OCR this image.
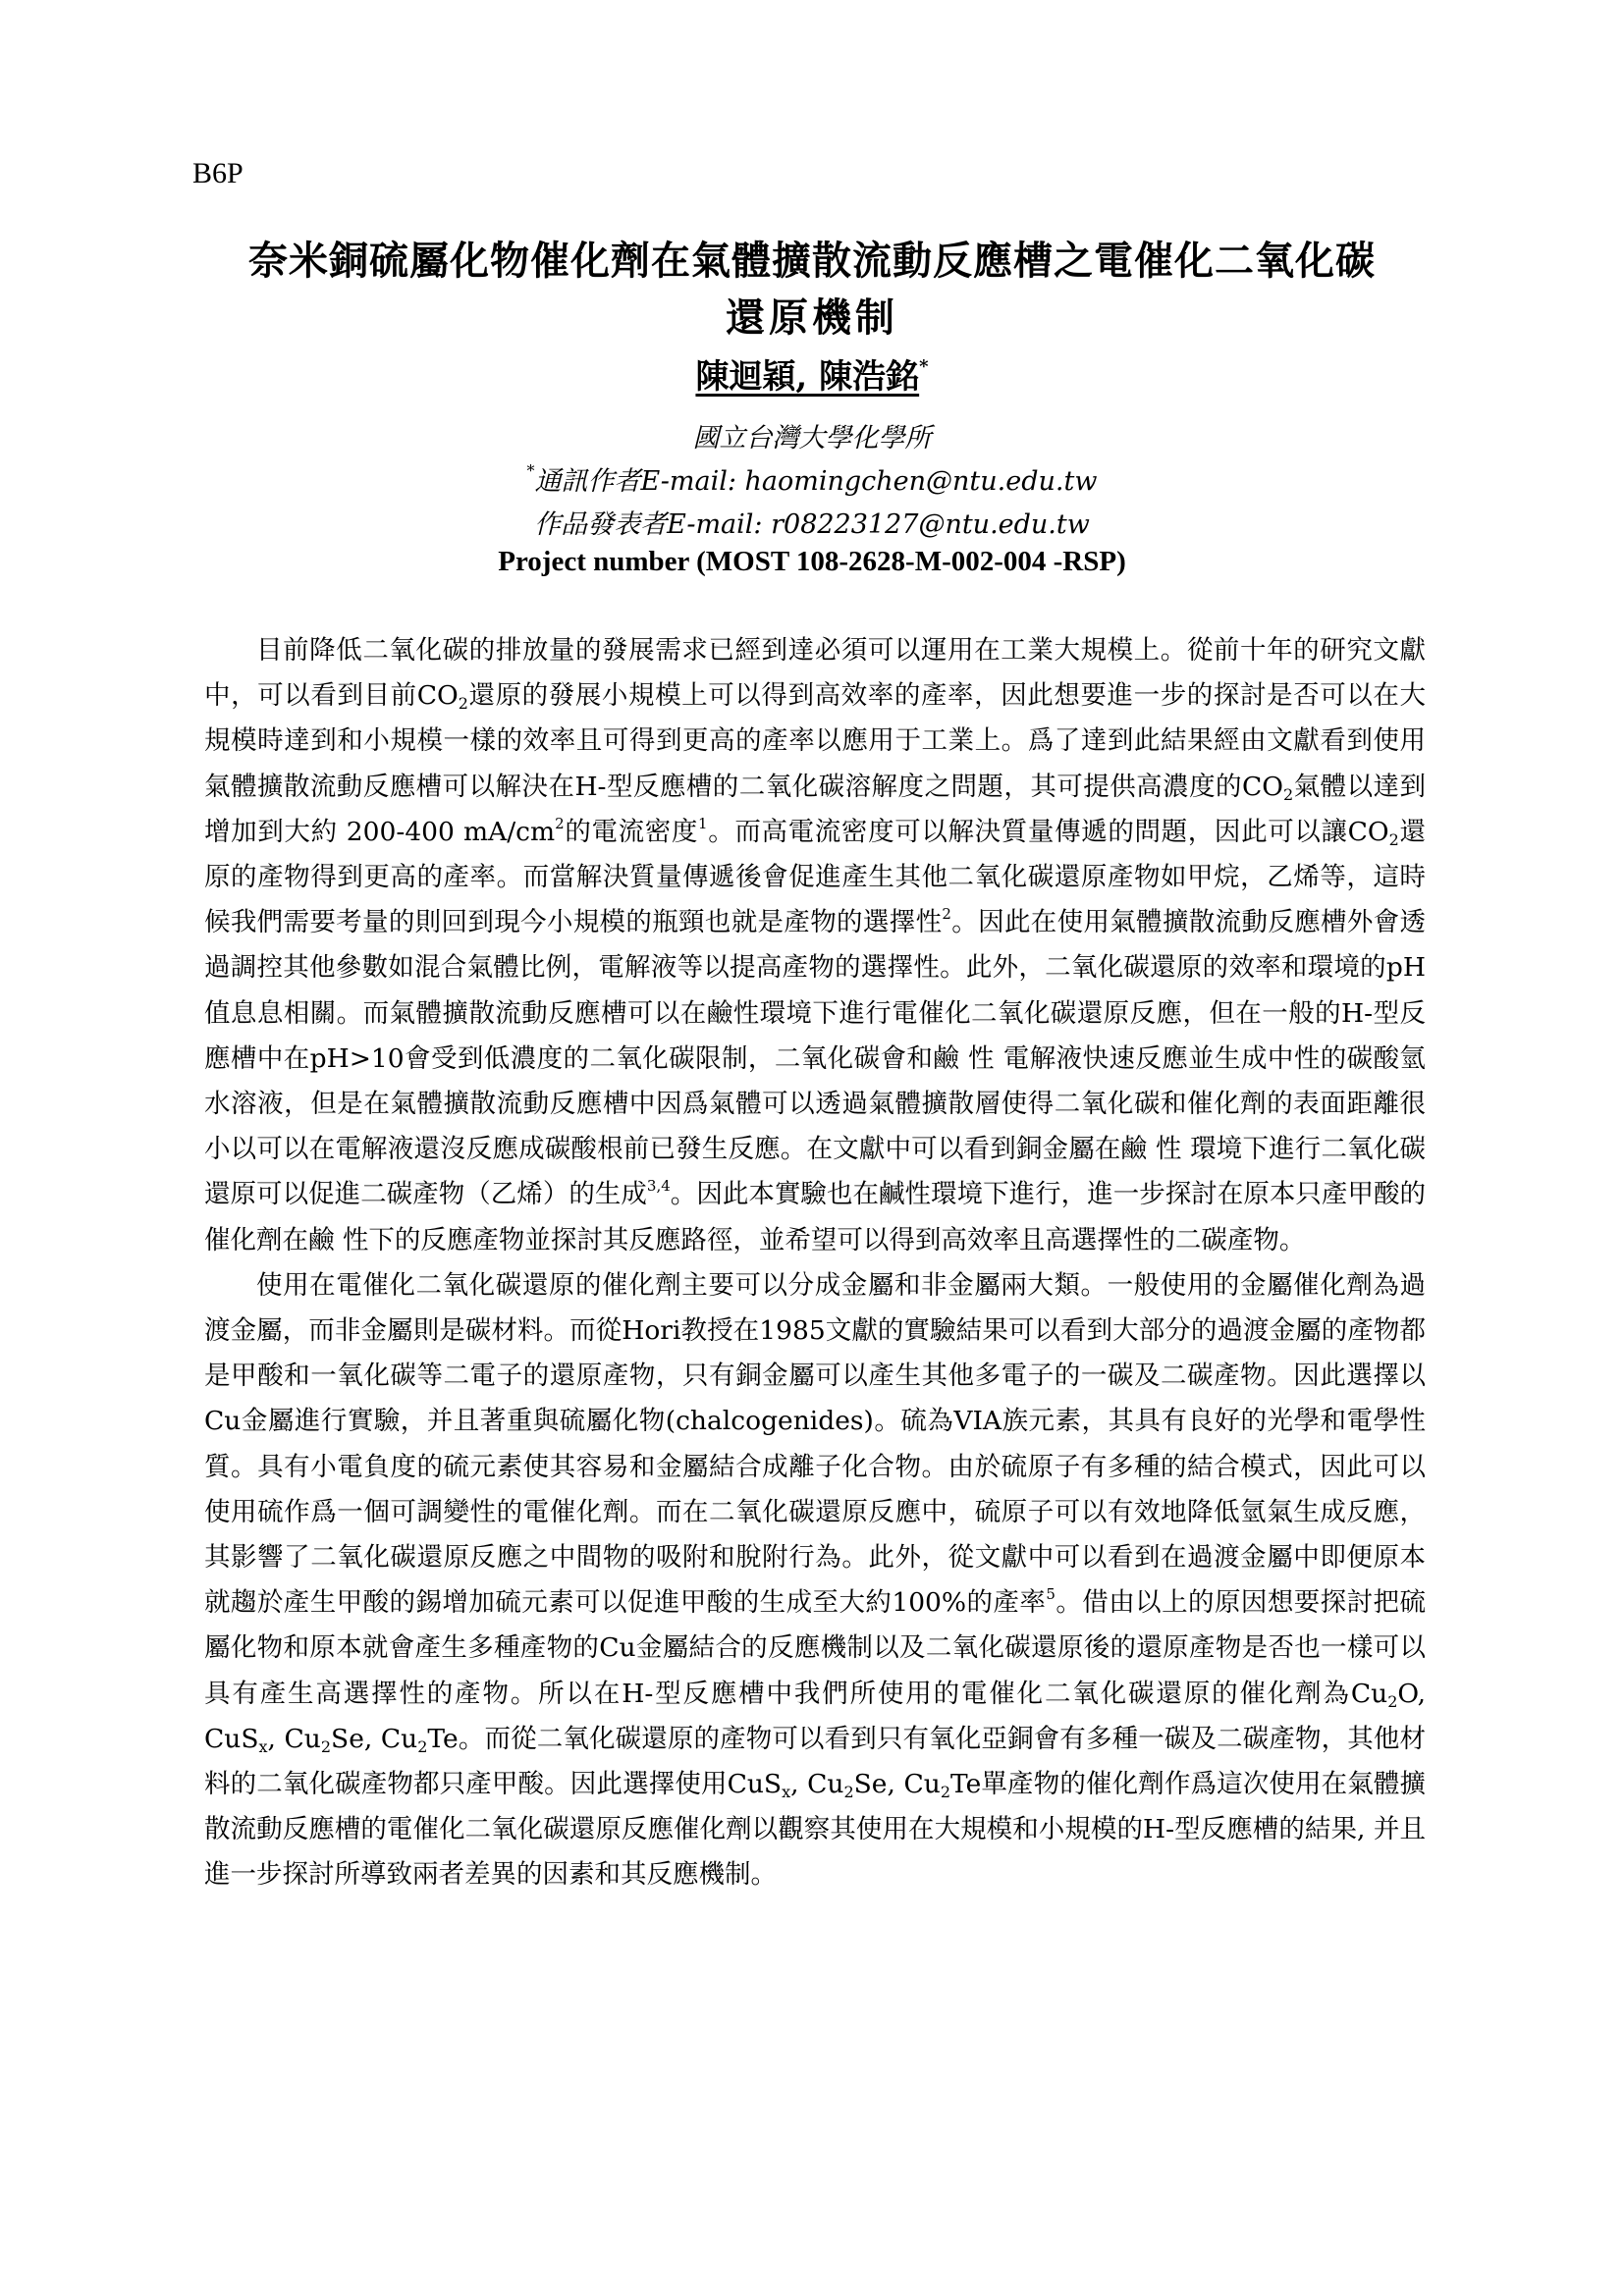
B6P
奈米銅硫屬化物催化劑在氣體擴散流動反應槽之電催化二氧化碳
還原機制
陳迴穎, 陳浩銘*
國立台灣大學化學所
*通訊作者E-mail: haomingchen@ntu.edu.tw
作品發表者E-mail: r08223127@ntu.edu.tw
Project number (MOST 108-2628-M-002-004 -RSP)

目前降低二氧化碳的排放量的發展需求已經到達必須可以運用在工業大規模上。從前十年的研究文獻中，可以看到目前$CO_2$還原的發展小規模上可以得到高效率的產率，因此想要進一步的探討是否可以在大規模時達到和小規模一樣的效率且可得到更高的產率以應用于工業上。爲了達到此結果經由文獻看到使用氣體擴散流動反應槽可以解決在H-型反應槽的二氧化碳溶解度之問題，其可提供高濃度的$CO_2$氣體以達到增加到大約 200-400 $mA/cm^2$的電流密度$^1$。而高電流密度可以解決質量傳遞的問題，因此可以讓$CO_2$還原的產物得到更高的產率。而當解決質量傳遞後會促進產生其他二氧化碳還原產物如甲烷，乙烯等，這時候我們需要考量的則回到現今小規模的瓶頸也就是產物的選擇性$^2$。因此在使用氣體擴散流動反應槽外會透過調控其他參數如混合氣體比例，電解液等以提高產物的選擇性。此外，二氧化碳還原的效率和環境的pH值息息相關。而氣體擴散流動反應槽可以在鹼性環境下進行電催化二氧化碳還原反應，但在一般的H-型反應槽中在pH>10會受到低濃度的二氧化碳限制，二氧化碳會和鹼 性 電解液快速反應並生成中性的碳酸氫水溶液，但是在氣體擴散流動反應槽中因爲氣體可以透過氣體擴散層使得二氧化碳和催化劑的表面距離很小以可以在電解液還沒反應成碳酸根前已發生反應。在文獻中可以看到銅金屬在鹼 性 環境下進行二氧化碳還原可以促進二碳產物（乙烯）的生成$^{3,4}$。因此本實驗也在鹹性環境下進行，進一步探討在原本只產甲酸的催化劑在鹼 性下的反應產物並探討其反應路徑，並希望可以得到高效率且高選擇性的二碳產物。

使用在電催化二氧化碳還原的催化劑主要可以分成金屬和非金屬兩大類。一般使用的金屬催化劑為過渡金屬，而非金屬則是碳材料。而從Hori教授在1985文獻的實驗結果可以看到大部分的過渡金屬的產物都是甲酸和一氧化碳等二電子的還原產物，只有銅金屬可以產生其他多電子的一碳及二碳產物。因此選擇以Cu金屬進行實驗，并且著重與硫屬化物(chalcogenides)。硫為VIA族元素，其具有良好的光學和電學性質。具有小電負度的硫元素使其容易和金屬結合成離子化合物。由於硫原子有多種的結合模式，因此可以使用硫作爲一個可調變性的電催化劑。而在二氧化碳還原反應中，硫原子可以有效地降低氫氣生成反應，其影響了二氧化碳還原反應之中間物的吸附和脫附行為。此外，從文獻中可以看到在過渡金屬中即便原本就趨於產生甲酸的錫增加硫元素可以促進甲酸的生成至大約100%的產率$^5$。借由以上的原因想要探討把硫屬化物和原本就會產生多種產物的Cu金屬結合的反應機制以及二氧化碳還原後的還原產物是否也一樣可以具有產生高選擇性的產物。所以在H-型反應槽中我們所使用的電催化二氧化碳還原的催化劑為$Cu_2O$, CuS$_x$, $Cu_2Se$, $Cu_2Te$。而從二氧化碳還原的產物可以看到只有氧化亞銅會有多種一碳及二碳產物，其他材料的二氧化碳產物都只產甲酸。因此選擇使用CuS$_x$, $Cu_2Se$, $Cu_2Te$單產物的催化劑作爲這次使用在氣體擴散流動反應槽的電催化二氧化碳還原反應催化劑以觀察其使用在大規模和小規模的H-型反應槽的結果, 并且進一步探討所導致兩者差異的因素和其反應機制。
